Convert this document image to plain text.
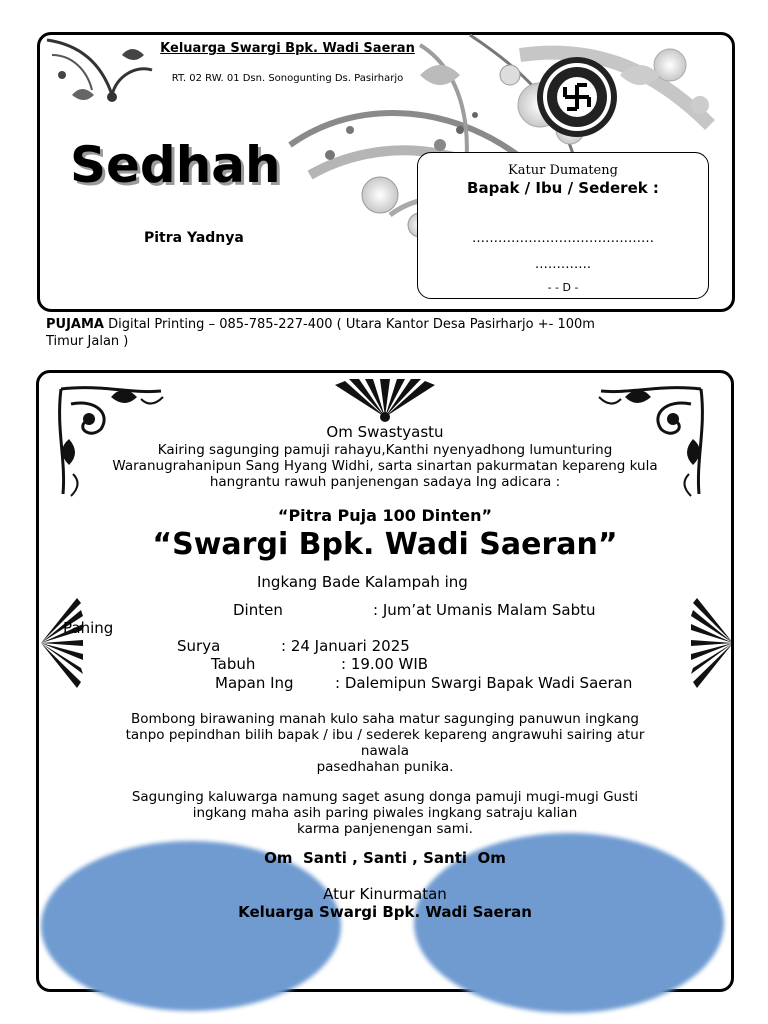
Keluarga Swargi Bpk. Wadi Saeran
RT. 02 RW. 01 Dsn. Sonogunting Ds. Pasirharjo
Sedhah
Pitra Yadnya
Katur Dumateng
Bapak / Ibu / Sederek :
……………………………………
………….
- - D -
PUJAMA Digital Printing – 085-785-227-400 ( Utara Kantor Desa Pasirharjo +- 100m
Timur Jalan )
Om Swastyastu
Kairing sagunging pamuji rahayu,Kanthi nyenyadhong lumunturing
Waranugrahanipun Sang Hyang Widhi, sarta sinartan pakurmatan kepareng kula
hangrantu rawuh panjenengan sadaya Ing adicara :
“Pitra Puja 100 Dinten”
“Swargi Bpk. Wadi Saeran”
Ingkang Bade Kalampah ing
Dinten	: Jum’at Umanis Malam Sabtu
Pahing
Surya	: 24 Januari 2025
Tabuh	: 19.00 WIB
Mapan Ing	: Dalemipun Swargi Bapak Wadi Saeran
Bombong birawaning manah kulo saha matur sagunging panuwun ingkang
tanpo pepindhan bilih bapak / ibu / sederek kepareng angrawuhi sairing atur
nawala
pasedhahan punika.
Sagunging kaluwarga namung saget asung donga pamuji mugi-mugi Gusti
ingkang maha asih paring piwales ingkang satraju kalian
karma panjenengan sami.
Om  Santi , Santi , Santi  Om
Atur Kinurmatan
Keluarga Swargi Bpk. Wadi Saeran
